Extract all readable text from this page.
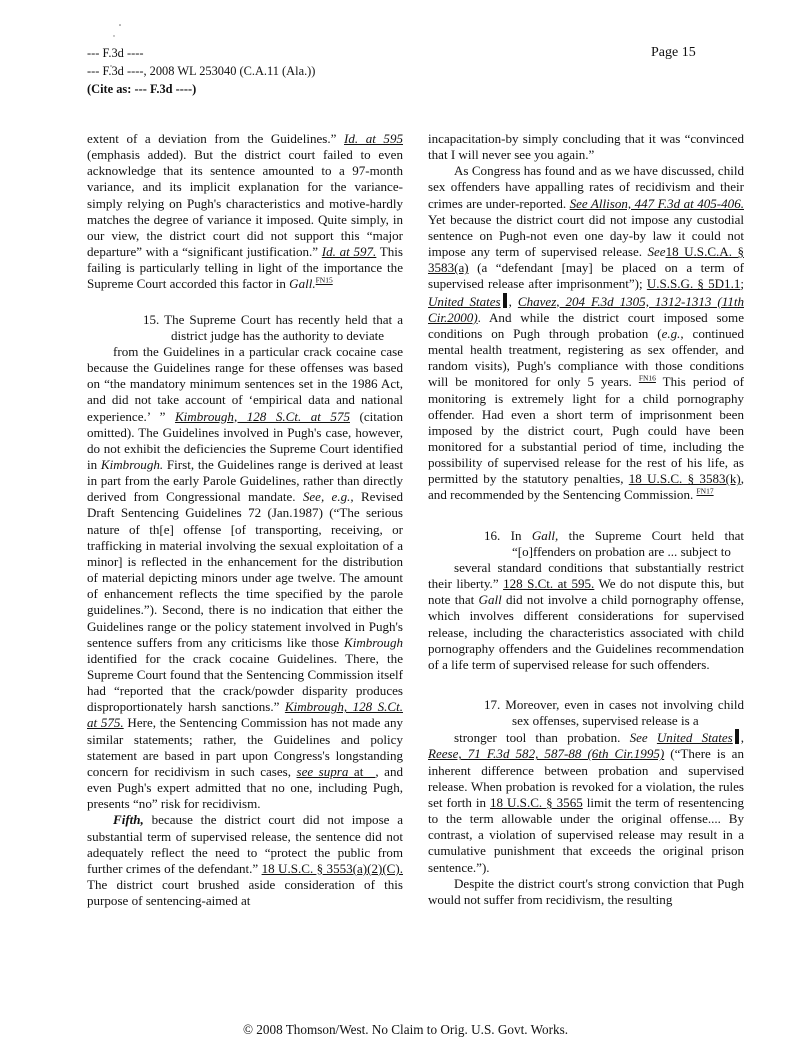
--- F.3d ----
--- F.3d ----, 2008 WL 253040 (C.A.11 (Ala.))
(Cite as: --- F.3d ----)
Page 15

extent of a deviation from the Guidelines.” Id. at 595 (emphasis added). But the district court failed to even acknowledge that its sentence amounted to a 97-month variance, and its implicit explanation for the variance-simply relying on Pugh's characteristics and motive-hardly matches the degree of variance it imposed. Quite simply, in our view, the district court did not support this “major departure” with a “significant justification.” Id. at 597. This failing is particularly telling in light of the importance the Supreme Court accorded this factor in Gall.$^{FN15}$

15. The Supreme Court has recently held that a district judge has the authority to deviate

from the Guidelines in a particular crack cocaine case because the Guidelines range for these offenses was based on “the mandatory minimum sentences set in the 1986 Act, and did not take account of ‘empirical data and national experience.’ ” Kimbrough, 128 S.Ct. at 575 (citation omitted). The Guidelines involved in Pugh's case, however, do not exhibit the deficiencies the Supreme Court identified in Kimbrough. First, the Guidelines range is derived at least in part from the early Parole Guidelines, rather than directly derived from Congressional mandate. See, e.g., Revised Draft Sentencing Guidelines 72 (Jan.1987) (“The serious nature of th[e] offense [of transporting, receiving, or trafficking in material involving the sexual exploitation of a minor] is reflected in the enhancement for the distribution of material depicting minors under age twelve. The amount of enhancement reflects the time specified by the parole guidelines.”). Second, there is no indication that either the Guidelines range or the policy statement involved in Pugh's sentence suffers from any criticisms like those Kimbrough identified for the crack cocaine Guidelines. There, the Supreme Court found that the Sentencing Commission itself had “reported that the crack/powder disparity produces disproportionately harsh sanctions.” Kimbrough, 128 S.Ct. at 575. Here, the Sentencing Commission has not made any similar statements; rather, the Guidelines and policy statement are based in part upon Congress's longstanding concern for recidivism in such cases, see supra at _, and even Pugh's expert admitted that no one, including Pugh, presents “no” risk for recidivism.

Fifth, because the district court did not impose a substantial term of supervised release, the sentence did not adequately reflect the need to “protect the public from further crimes of the defendant.” 18 U.S.C. § 3553(a)(2)(C). The district court brushed aside consideration of this purpose of sentencing-aimed at

incapacitation-by simply concluding that it was “convinced that I will never see you again.”

As Congress has found and as we have discussed, child sex offenders have appalling rates of recidivism and their crimes are under-reported. See Allison, 447 F.3d at 405-406. Yet because the district court did not impose any custodial sentence on Pugh-not even one day-by law it could not impose any term of supervised release. See18 U.S.C.A. § 3583(a) (a “defendant [may] be placed on a term of supervised release after imprisonment”); U.S.S.G. § 5D1.1; United States , Chavez, 204 F.3d 1305, 1312-1313 (11th Cir.2000). And while the district court imposed some conditions on Pugh through probation (e.g., continued mental health treatment, registering as sex offender, and random visits), Pugh's compliance with those conditions will be monitored for only 5 years. $^{FN16}$ This period of monitoring is extremely light for a child pornography offender. Had even a short term of imprisonment been imposed by the district court, Pugh could have been monitored for a substantial period of time, including the possibility of supervised release for the rest of his life, as permitted by the statutory penalties, 18 U.S.C. § 3583(k), and recommended by the Sentencing Commission. $^{FN17}$

16. In Gall, the Supreme Court held that “[o]ffenders on probation are ... subject to

several standard conditions that substantially restrict their liberty.” 128 S.Ct. at 595. We do not dispute this, but note that Gall did not involve a child pornography offense, which involves different considerations for supervised release, including the characteristics associated with child pornography offenders and the Guidelines recommendation of a life term of supervised release for such offenders.

17. Moreover, even in cases not involving child sex offenses, supervised release is a

stronger tool than probation. See United States , Reese, 71 F.3d 582, 587-88 (6th Cir.1995) (“There is an inherent difference between probation and supervised release. When probation is revoked for a violation, the rules set forth in 18 U.S.C. § 3565 limit the term of resentencing to the term allowable under the original offense.... By contrast, a violation of supervised release may result in a cumulative punishment that exceeds the original prison sentence.”).

Despite the district court's strong conviction that Pugh would not suffer from recidivism, the resulting

© 2008 Thomson/West. No Claim to Orig. U.S. Govt. Works.
